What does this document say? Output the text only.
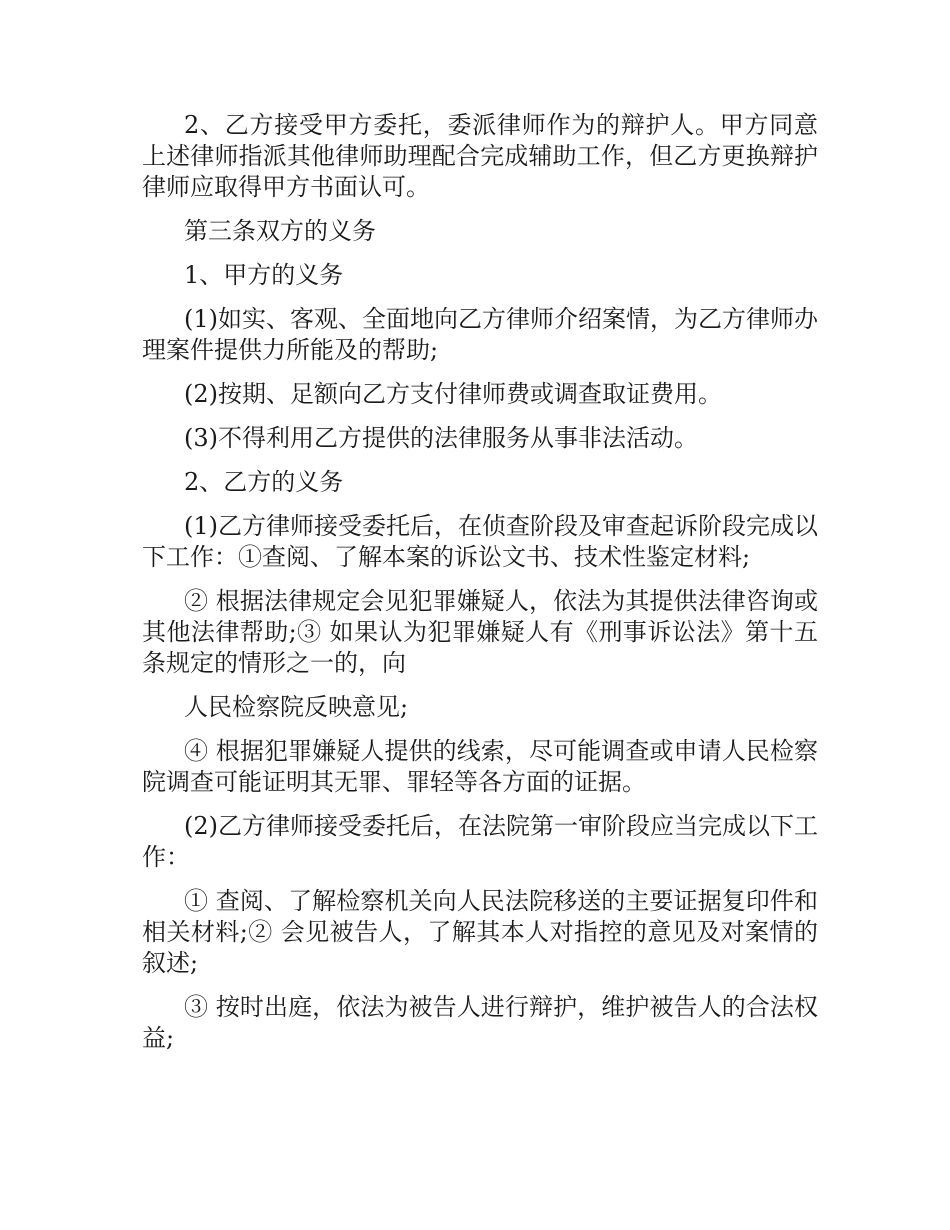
2、乙方接受甲方委托，委派律师作为的辩护人。甲方同意上述律师指派其他律师助理配合完成辅助工作，但乙方更换辩护律师应取得甲方书面认可。

第三条双方的义务

1、甲方的义务

(1)如实、客观、全面地向乙方律师介绍案情，为乙方律师办理案件提供力所能及的帮助;

(2)按期、足额向乙方支付律师费或调查取证费用。

(3)不得利用乙方提供的法律服务从事非法活动。

2、乙方的义务

(1)乙方律师接受委托后，在侦查阶段及审查起诉阶段完成以下工作：①查阅、了解本案的诉讼文书、技术性鉴定材料;

② 根据法律规定会见犯罪嫌疑人，依法为其提供法律咨询或其他法律帮助;③ 如果认为犯罪嫌疑人有《刑事诉讼法》第十五条规定的情形之一的，向

人民检察院反映意见;

④ 根据犯罪嫌疑人提供的线索，尽可能调查或申请人民检察院调查可能证明其无罪、罪轻等各方面的证据。

(2)乙方律师接受委托后，在法院第一审阶段应当完成以下工作：

① 查阅、了解检察机关向人民法院移送的主要证据复印件和相关材料;② 会见被告人，了解其本人对指控的意见及对案情的叙述;

③ 按时出庭，依法为被告人进行辩护，维护被告人的合法权益;
